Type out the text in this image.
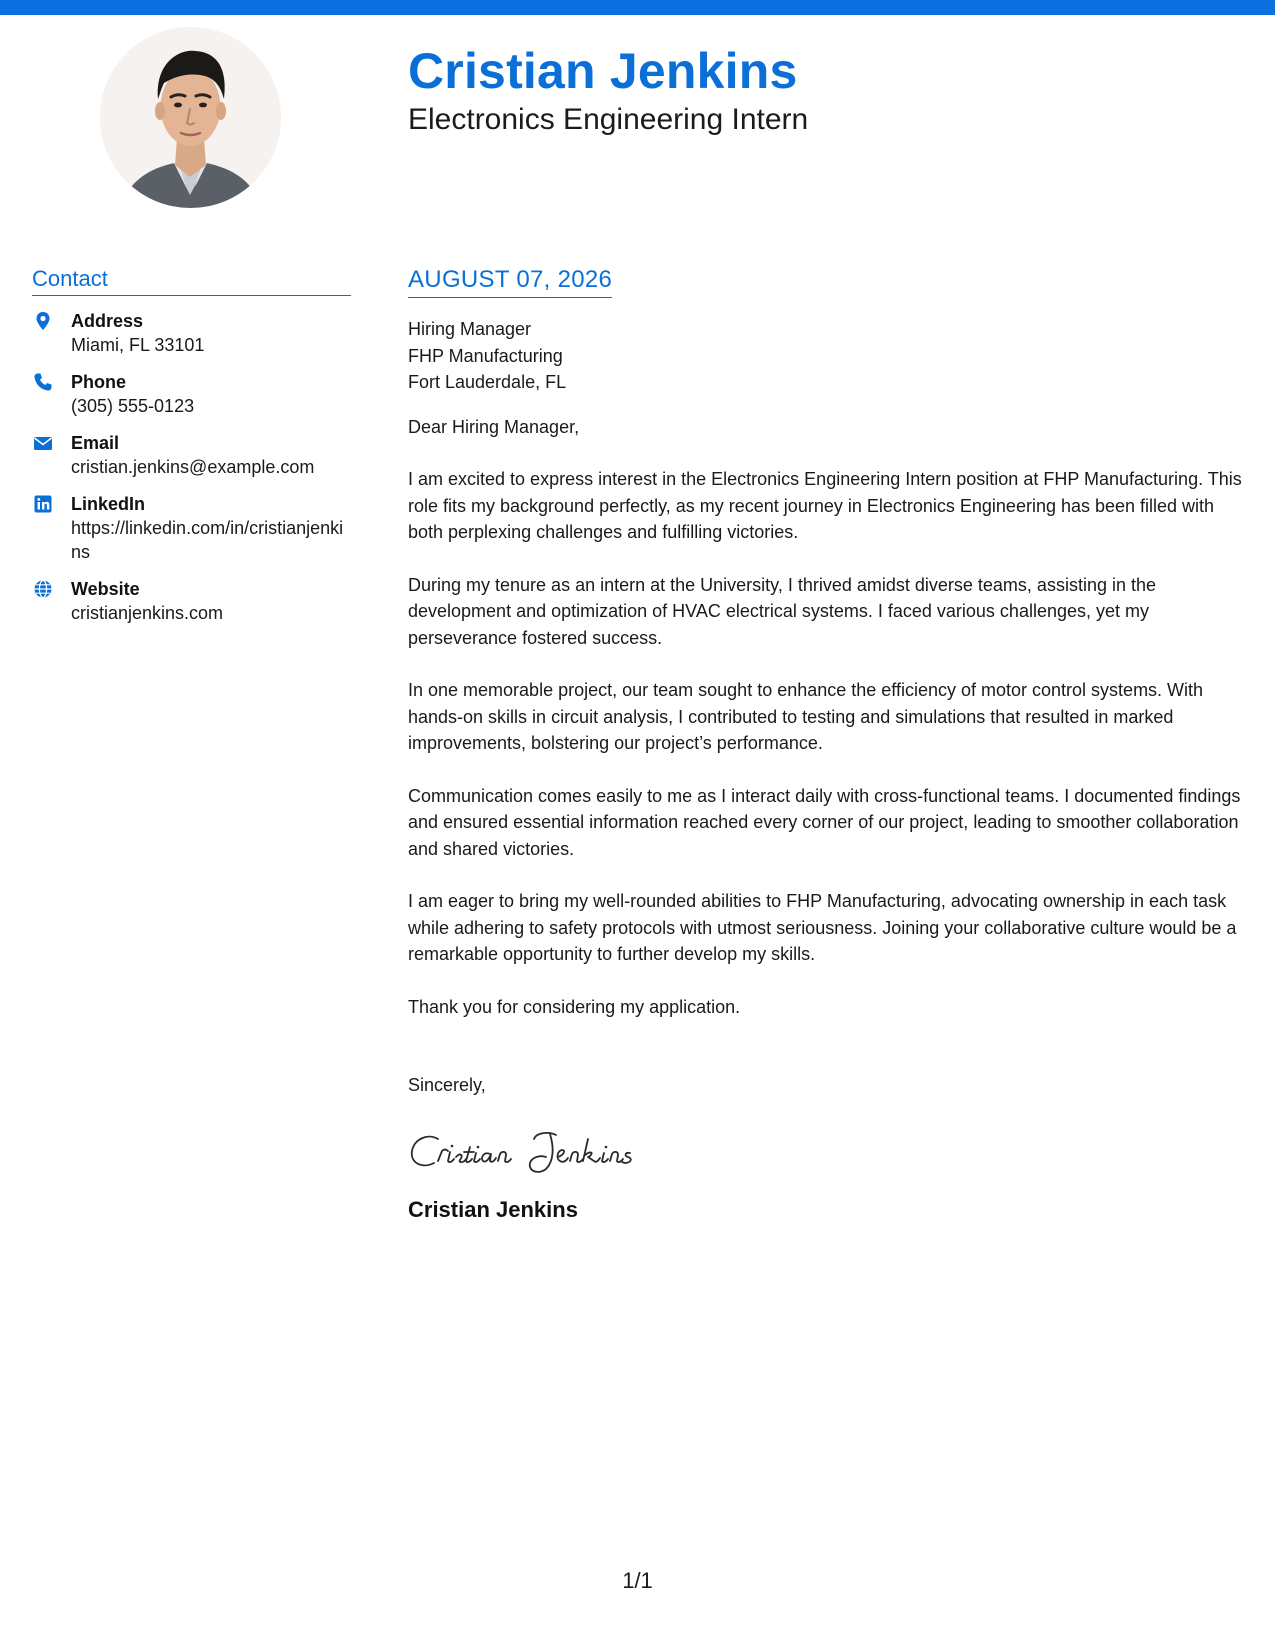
Cristian Jenkins
Electronics Engineering Intern
Contact
Address
Miami, FL 33101
Phone
(305) 555-0123
Email
cristian.jenkins@example.com
LinkedIn
https://linkedin.com/in/cristianjenkins
Website
cristianjenkins.com
AUGUST 07, 2026
Hiring Manager
FHP Manufacturing
Fort Lauderdale, FL
Dear Hiring Manager,
I am excited to express interest in the Electronics Engineering Intern position at FHP Manufacturing. This role fits my background perfectly, as my recent journey in Electronics Engineering has been filled with both perplexing challenges and fulfilling victories.
During my tenure as an intern at the University, I thrived amidst diverse teams, assisting in the development and optimization of HVAC electrical systems. I faced various challenges, yet my perseverance fostered success.
In one memorable project, our team sought to enhance the efficiency of motor control systems. With hands-on skills in circuit analysis, I contributed to testing and simulations that resulted in marked improvements, bolstering our project’s performance.
Communication comes easily to me as I interact daily with cross-functional teams. I documented findings and ensured essential information reached every corner of our project, leading to smoother collaboration and shared victories.
I am eager to bring my well-rounded abilities to FHP Manufacturing, advocating ownership in each task while adhering to safety protocols with utmost seriousness. Joining your collaborative culture would be a remarkable opportunity to further develop my skills.
Thank you for considering my application.
Sincerely,
Cristian Jenkins
1/1
